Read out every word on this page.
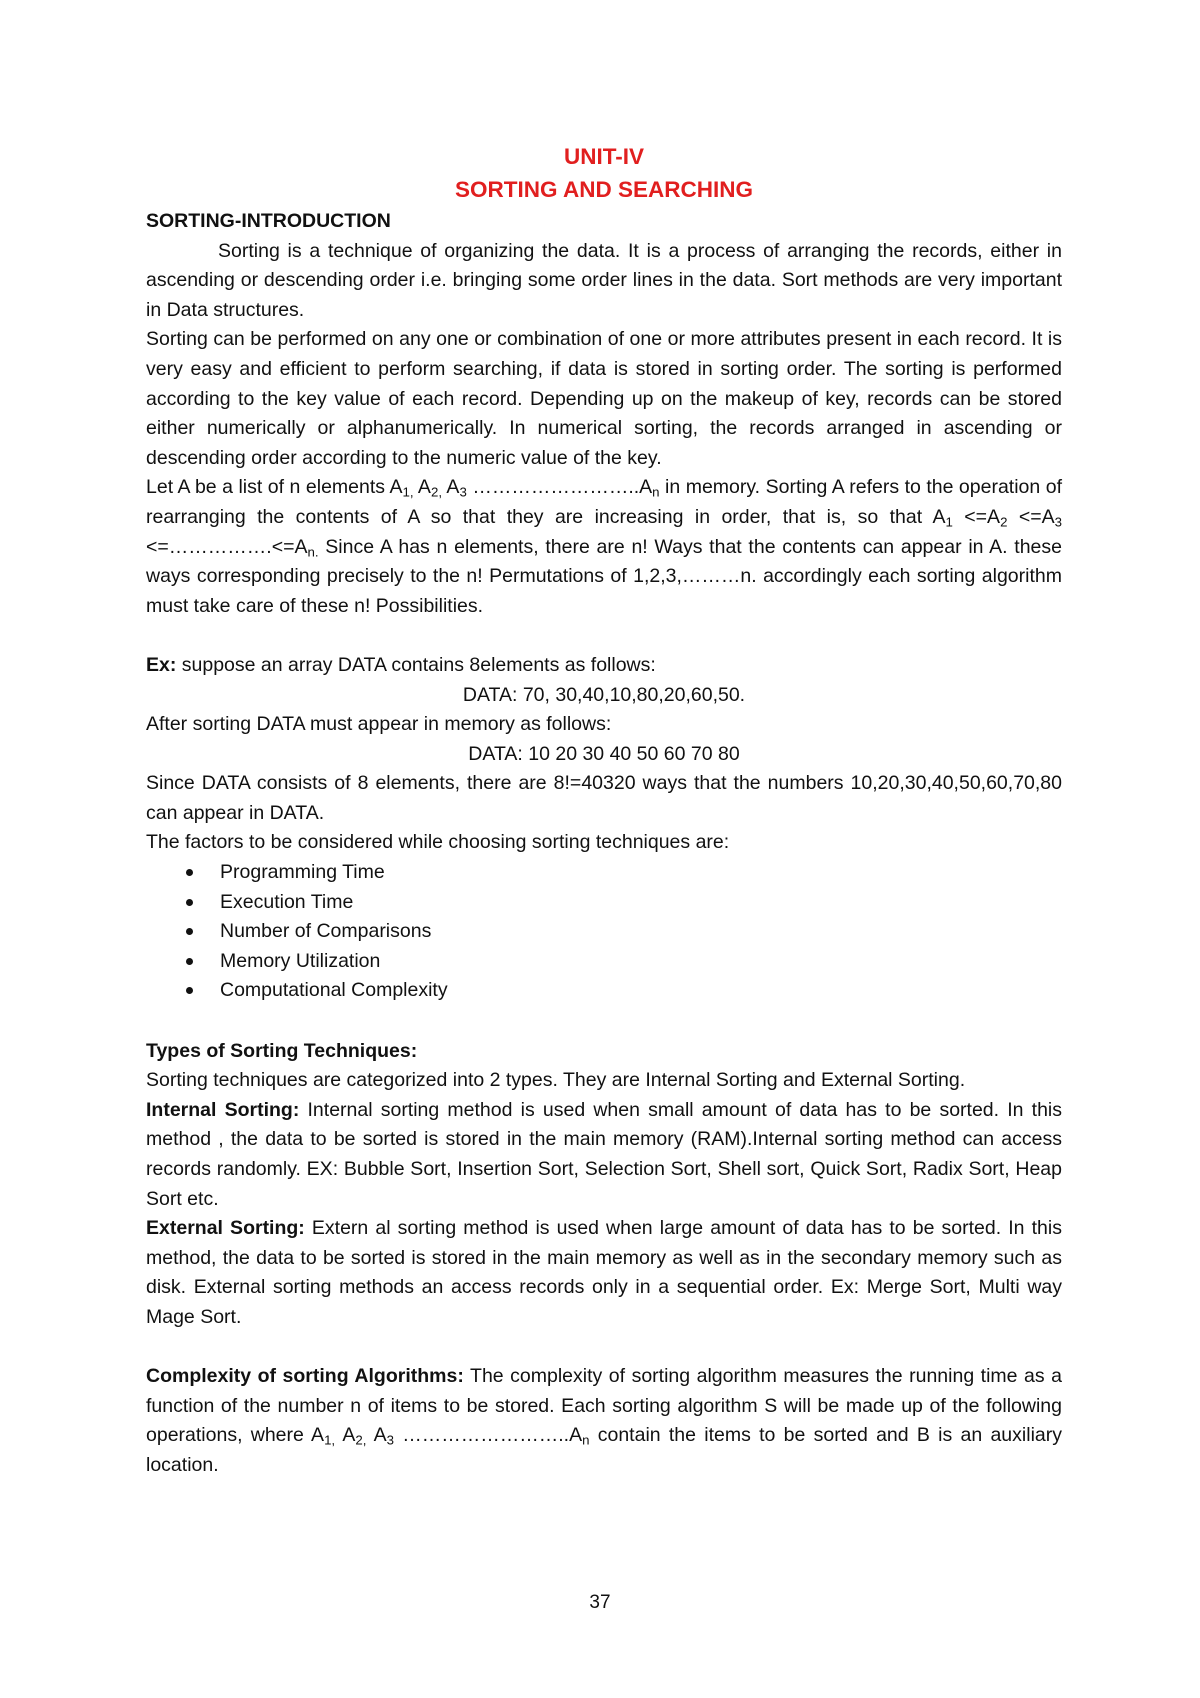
UNIT-IV
SORTING AND SEARCHING
SORTING-INTRODUCTION

Sorting is a technique of organizing the data. It is a process of arranging the records, either in ascending or descending order i.e. bringing some order lines in the data. Sort methods are very important in Data structures.

Sorting can be performed on any one or combination of one or more attributes present in each record. It is very easy and efficient to perform searching, if data is stored in sorting order. The sorting is performed according to the key value of each record. Depending up on the makeup of key, records can be stored either numerically or alphanumerically. In numerical sorting, the records arranged in ascending or descending order according to the numeric value of the key.

Let A be a list of n elements $A_{1,}$ $A_{2,}$ $A_3$ $\dots\dots\dots\dots\dots\dots\dots\dots..A_n$ in memory. Sorting A refers to the operation of rearranging the contents of A so that they are increasing in order, that is, so that $A_1 <=A_2 <=A_3$ $<=\dots\dots\dots\dots\dots.<=A_{n.}$ Since A has n elements, there are n! Ways that the contents can appear in A. these ways corresponding precisely to the n! Permutations of 1,2,3,………n. accordingly each sorting algorithm must take care of these n! Possibilities.

Ex: suppose an array DATA contains 8elements as follows:

DATA: 70, 30,40,10,80,20,60,50.

After sorting DATA must appear in memory as follows:

DATA: 10 20 30 40 50 60 70 80

Since DATA consists of 8 elements, there are 8!=40320 ways that the numbers 10,20,30,40,50,60,70,80 can appear in DATA.

The factors to be considered while choosing sorting techniques are:

Programming Time
Execution Time
Number of Comparisons
Memory Utilization
Computational Complexity
Types of Sorting Techniques:

Sorting techniques are categorized into 2 types. They are Internal Sorting and External Sorting.

Internal Sorting: Internal sorting method is used when small amount of data has to be sorted. In this method , the data to be sorted is stored in the main memory (RAM).Internal sorting method can access records randomly. EX: Bubble Sort, Insertion Sort, Selection Sort, Shell sort, Quick Sort, Radix Sort, Heap Sort etc.

External Sorting: Extern al sorting method is used when large amount of data has to be sorted. In this method, the data to be sorted is stored in the main memory as well as in the secondary memory such as disk. External sorting methods an access records only in a sequential order. Ex: Merge Sort, Multi way Mage Sort.

Complexity of sorting Algorithms: The complexity of sorting algorithm measures the running time as a function of the number n of items to be stored. Each sorting algorithm S will be made up of the following operations, where $A_{1,}$ $A_{2,}$ $A_3$ $\dots\dots\dots\dots\dots\dots\dots\dots..A_n$ contain the items to be sorted and B is an auxiliary location.

37
